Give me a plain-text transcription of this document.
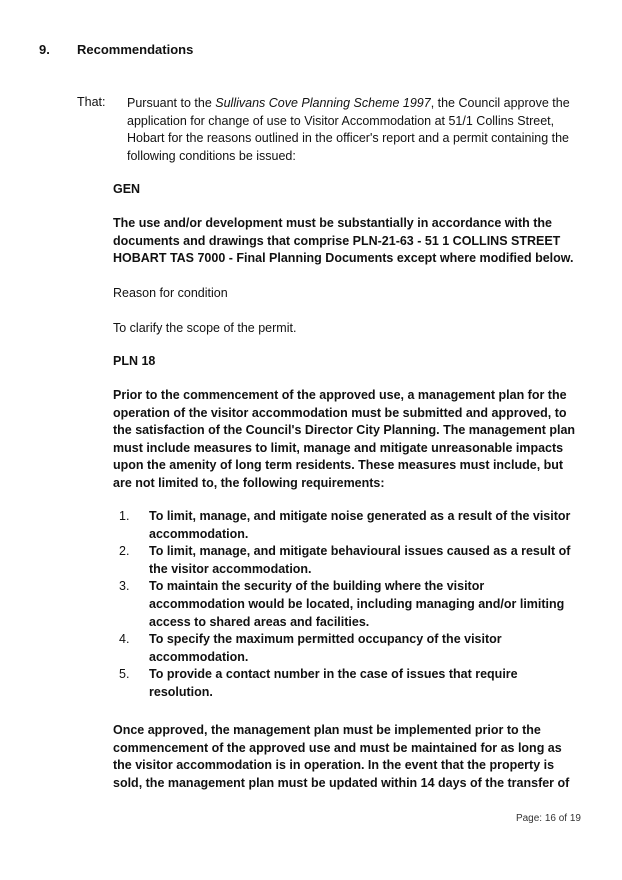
9. Recommendations
That: Pursuant to the Sullivans Cove Planning Scheme 1997, the Council approve the application for change of use to Visitor Accommodation at 51/1 Collins Street, Hobart for the reasons outlined in the officer's report and a permit containing the following conditions be issued:
GEN
The use and/or development must be substantially in accordance with the documents and drawings that comprise PLN-21-63 - 51 1 COLLINS STREET HOBART TAS 7000 - Final Planning Documents except where modified below.
Reason for condition
To clarify the scope of the permit.
PLN 18
Prior to the commencement of the approved use, a management plan for the operation of the visitor accommodation must be submitted and approved, to the satisfaction of the Council's Director City Planning. The management plan must include measures to limit, manage and mitigate unreasonable impacts upon the amenity of long term residents. These measures must include, but are not limited to, the following requirements:
1. To limit, manage, and mitigate noise generated as a result of the visitor accommodation.
2. To limit, manage, and mitigate behavioural issues caused as a result of the visitor accommodation.
3. To maintain the security of the building where the visitor accommodation would be located, including managing and/or limiting access to shared areas and facilities.
4. To specify the maximum permitted occupancy of the visitor accommodation.
5. To provide a contact number in the case of issues that require resolution.
Once approved, the management plan must be implemented prior to the commencement of the approved use and must be maintained for as long as the visitor accommodation is in operation. In the event that the property is sold, the management plan must be updated within 14 days of the transfer of
Page: 16 of 19
